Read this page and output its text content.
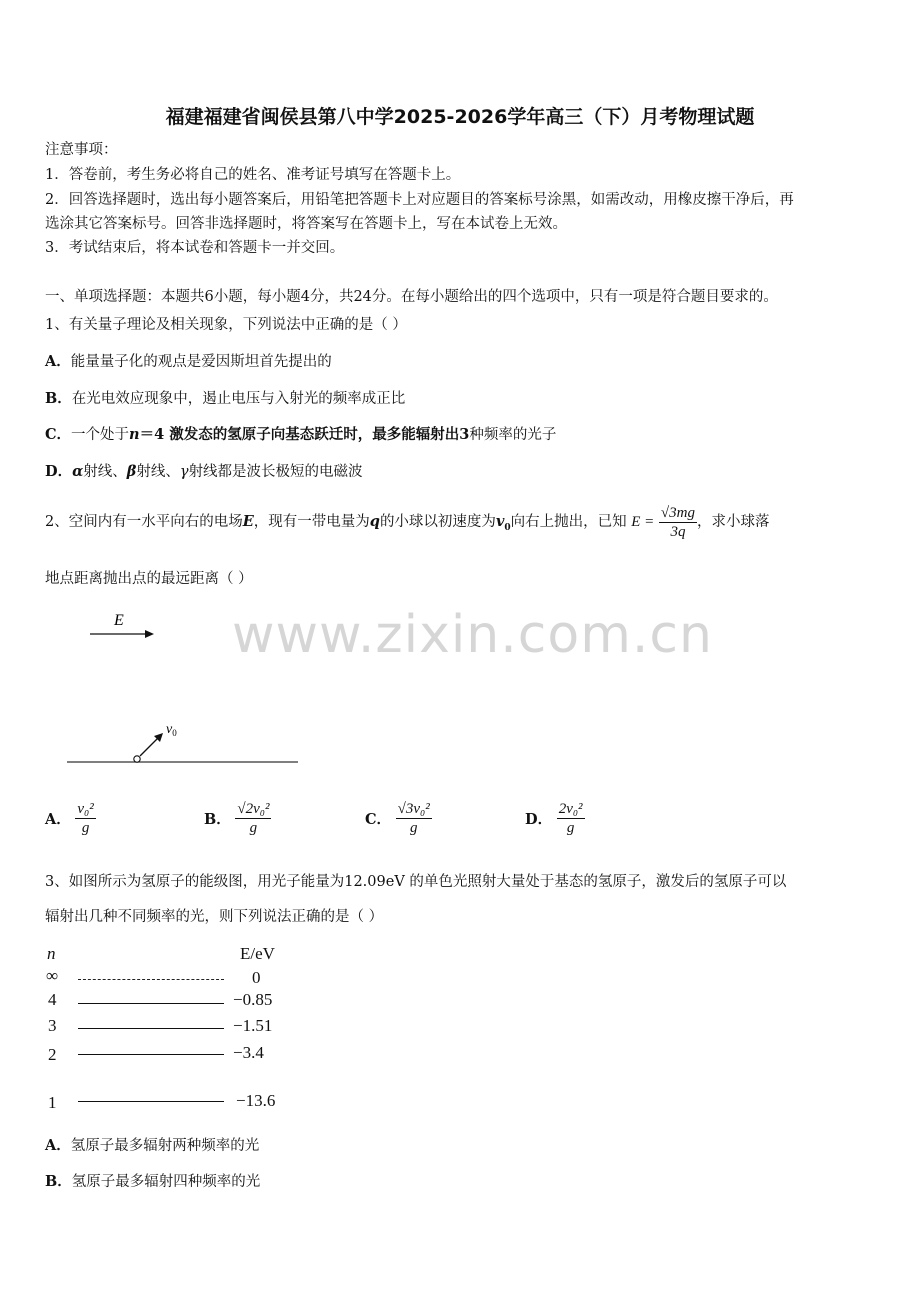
福建福建省闽侯县第八中学2025-2026学年高三（下）月考物理试题
注意事项：
1．答卷前，考生务必将自己的姓名、准考证号填写在答题卡上。
2．回答选择题时，选出每小题答案后，用铅笔把答题卡上对应题目的答案标号涂黑，如需改动，用橡皮擦干净后，再
选涂其它答案标号。回答非选择题时，将答案写在答题卡上，写在本试卷上无效。
3．考试结束后，将本试卷和答题卡一并交回。
一、单项选择题：本题共6小题，每小题4分，共24分。在每小题给出的四个选项中，只有一项是符合题目要求的。
1、有关量子理论及相关现象，下列说法中正确的是（ ）
A．能量量子化的观点是爱因斯坦首先提出的
B．在光电效应现象中，遏止电压与入射光的频率成正比
C．一个处于n＝4 激发态的氢原子向基态跃迁时，最多能辐射出3种频率的光子
D．α射线、β射线、γ射线都是波长极短的电磁波
2、空间内有一水平向右的电场E，现有一带电量为q的小球以初速度为$v_0$向右上抛出，已知 $E = \frac{√3mg}{3q}$ ，求小球落
地点距离抛出点的最远距离（ ）
E
$v_0$
www.zixin.com.cn
A． $\frac{\text{v₀²}}{g}$	B． $\frac{\text{√2v₀²}}{g}$	C． $\frac{\text{√3v₀²}}{g}$	D． $\frac{\text{2v₀²}}{g}$
3、如图所示为氢原子的能级图，用光子能量为12.09eV 的单色光照射大量处于基态的氢原子，激发后的氢原子可以
辐射出几种不同频率的光，则下列说法正确的是（ ）
n	E/eV
∞	0
4	−0.85
3	−1.51
2	−3.4
1	−13.6
A．氢原子最多辐射两种频率的光
B．氢原子最多辐射四种频率的光
